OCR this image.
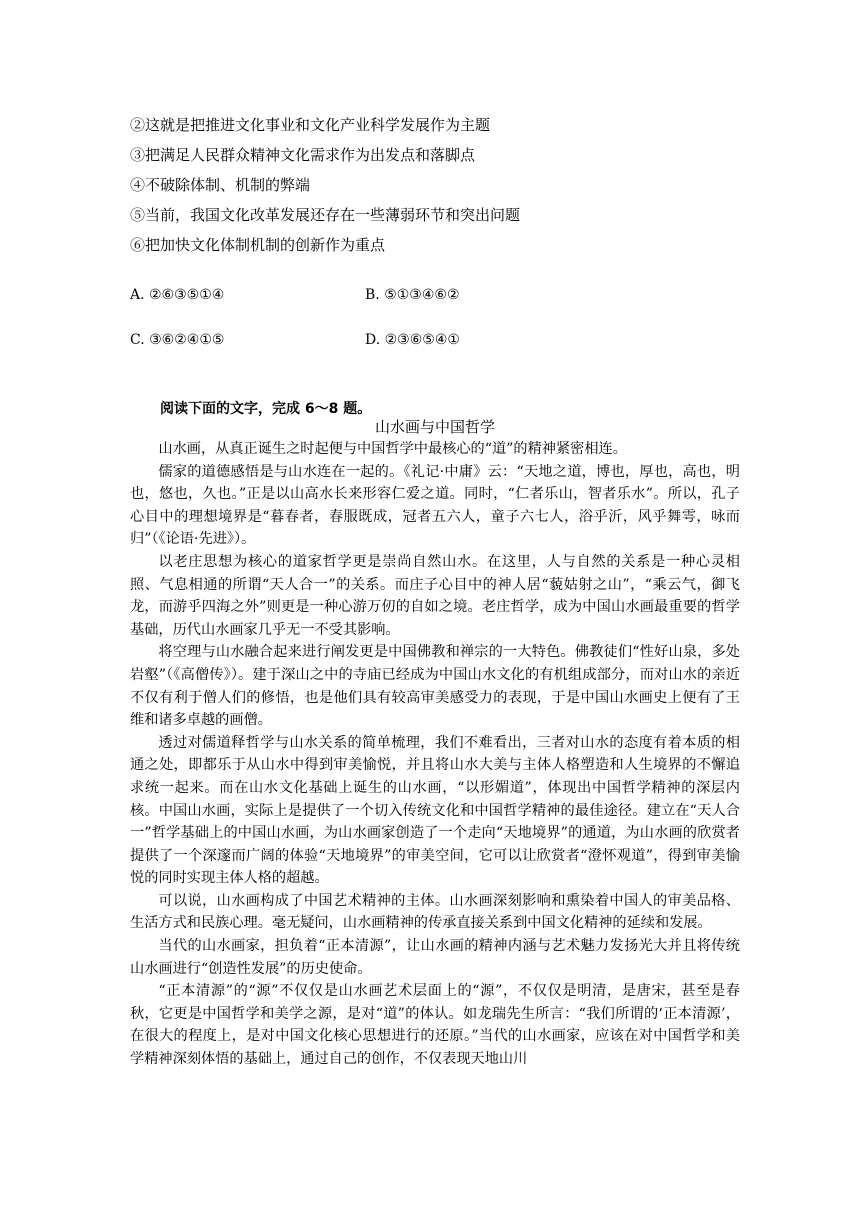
②这就是把推进文化事业和文化产业科学发展作为主题
③把满足人民群众精神文化需求作为出发点和落脚点
④不破除体制、机制的弊端
⑤当前，我国文化改革发展还存在一些薄弱环节和突出问题
⑥把加快文化体制机制的创新作为重点
A. ②⑥③⑤①④	B. ⑤①③④⑥②
C. ③⑥②④①⑤	D. ②③⑥⑤④①
阅读下面的文字，完成 6～8 题。
山水画与中国哲学

山水画，从真正诞生之时起便与中国哲学中最核心的“道”的精神紧密相连。

儒家的道德感悟是与山水连在一起的。《礼记·中庸》云：“天地之道，博也，厚也，高也，明也，悠也，久也。”正是以山高水长来形容仁爱之道。同时，“仁者乐山，智者乐水”。所以，孔子心目中的理想境界是“暮春者，春服既成，冠者五六人，童子六七人，浴乎沂，风乎舞雩，咏而归”（《论语·先进》）。

以老庄思想为核心的道家哲学更是崇尚自然山水。在这里，人与自然的关系是一种心灵相照、气息相通的所谓“天人合一”的关系。而庄子心目中的神人居“藐姑射之山”，“乘云气，御飞龙，而游乎四海之外”则更是一种心游万仞的自如之境。老庄哲学，成为中国山水画最重要的哲学基础，历代山水画家几乎无一不受其影响。

将空理与山水融合起来进行阐发更是中国佛教和禅宗的一大特色。佛教徒们“性好山泉，多处岩壑”（《高僧传》）。建于深山之中的寺庙已经成为中国山水文化的有机组成部分，而对山水的亲近不仅有利于僧人们的修悟，也是他们具有较高审美感受力的表现，于是中国山水画史上便有了王维和诸多卓越的画僧。

透过对儒道释哲学与山水关系的简单梳理，我们不难看出，三者对山水的态度有着本质的相通之处，即都乐于从山水中得到审美愉悦，并且将山水大美与主体人格塑造和人生境界的不懈追求统一起来。而在山水文化基础上诞生的山水画，“以形媚道”，体现出中国哲学精神的深层内核。中国山水画，实际上是提供了一个切入传统文化和中国哲学精神的最佳途径。建立在“天人合一”哲学基础上的中国山水画，为山水画家创造了一个走向“天地境界”的通道，为山水画的欣赏者提供了一个深邃而广阔的体验“天地境界”的审美空间，它可以让欣赏者“澄怀观道”，得到审美愉悦的同时实现主体人格的超越。

可以说，山水画构成了中国艺术精神的主体。山水画深刻影响和熏染着中国人的审美品格、生活方式和民族心理。毫无疑问，山水画精神的传承直接关系到中国文化精神的延续和发展。

当代的山水画家，担负着“正本清源”，让山水画的精神内涵与艺术魅力发扬光大并且将传统山水画进行“创造性发展”的历史使命。

“正本清源”的“源”不仅仅是山水画艺术层面上的“源”，不仅仅是明清，是唐宋，甚至是春秋，它更是中国哲学和美学之源，是对“道”的体认。如龙瑞先生所言：“我们所谓的‘正本清源’，在很大的程度上，是对中国文化核心思想进行的还原。”当代的山水画家，应该在对中国哲学和美学精神深刻体悟的基础上，通过自己的创作，不仅表现天地山川
